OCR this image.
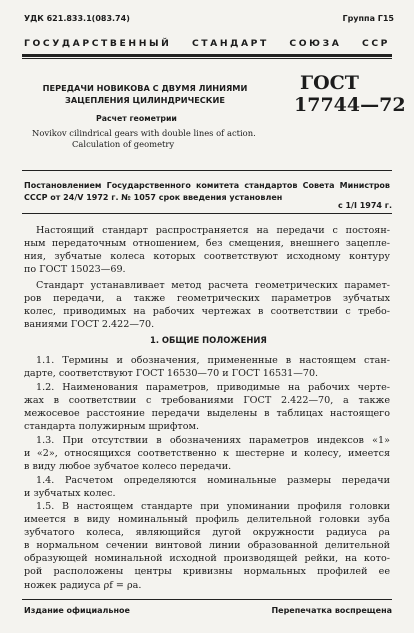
УДК 621.833.1(083.74)	Группа Г15
ГОСУДАРСТВЕННЫЙ СТАНДАРТ СОЮЗА ССР
ПЕРЕДАЧИ НОВИКОВА С ДВУМЯ ЛИНИЯМИ
ЗАЦЕПЛЕНИЯ ЦИЛИНДРИЧЕСКИЕ
Расчет геометрии
Novikov cilindrical gears with double lines of action.
Calculation of geometry
ГОСТ
17744—72
Постановлением Государственного комитета стандартов Совета Министров
СССР от 24/V 1972 г. № 1057 срок введения установлен
с 1/I 1974 г.
Настоящий стандарт распространяется на передачи с постоян-
ным передаточным отношением, без смещения, внешнего зацепле-
ния, зубчатые колеса которых соответствуют исходному контуру
по ГОСТ 15023—69.
Стандарт устанавливает метод расчета геометрических парамет-
ров передачи, а также геометрических параметров зубчатых
колес, приводимых на рабочих чертежах в соответствии с требо-
ваниями ГОСТ 2.422—70.
1. ОБЩИЕ ПОЛОЖЕНИЯ
1.1. Термины и обозначения, примененные в настоящем стан-
дарте, соответствуют ГОСТ 16530—70 и ГОСТ 16531—70.
1.2. Наименования параметров, приводимые на рабочих чертe-
жах в соответствии с требованиями ГОСТ 2.422—70, а также
межосевое расстояние передачи выделены в таблицах настоящего
стандарта полужирным шрифтом.
1.3. При отсутствии в обозначениях параметров индексов «1»
и «2», относящихся соответственно к шестерне и колесу, имеется
в виду любое зубчатое колесо передачи.
1.4. Расчетом определяются номинальные размеры передачи
и зубчатых колес.
1.5. В настоящем стандарте при упоминании профиля головки
имеется в виду номинальный профиль делительной головки зуба
зубчатого колеса, являющийся дугой окружности радиуса ρa
в нормальном сечении винтовой линии образованной делительной
образующей номинальной исходной производящей рейки, на кото-
рой расположены центры кривизны нормальных профилей ее
ножек радиуса ρf = ρa.
Издание официальное	Перепечатка воспрещена
